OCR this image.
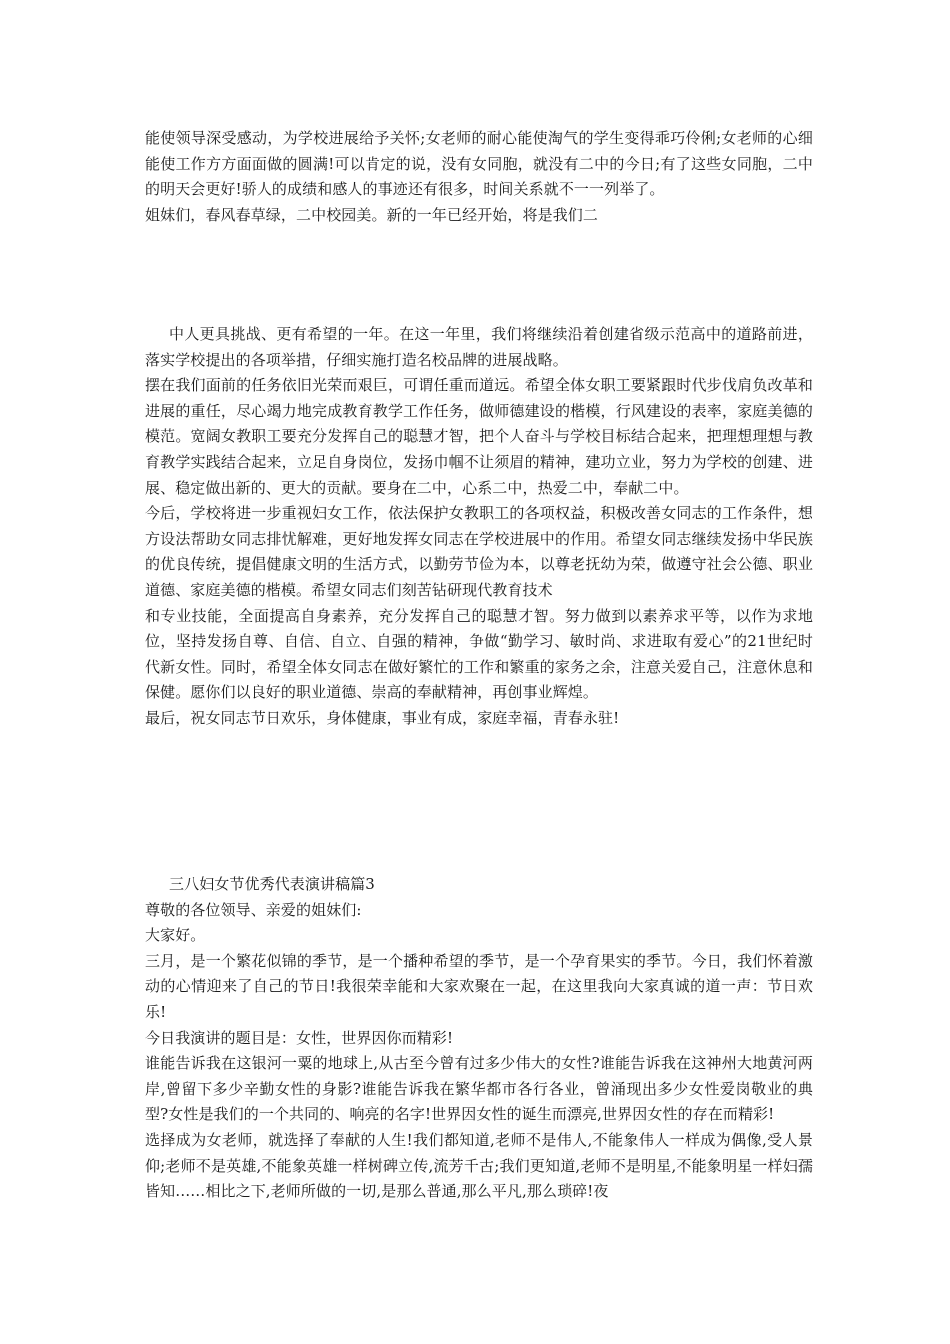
能使领导深受感动，为学校进展给予关怀;女老师的耐心能使淘气的学生变得乖巧伶俐;女老师的心细能使工作方方面面做的圆满!可以肯定的说，没有女同胞，就没有二中的今日;有了这些女同胞，二中的明天会更好!骄人的成绩和感人的事迹还有很多，时间关系就不一一列举了。

姐妹们，春风春草绿，二中校园美。新的一年已经开始，将是我们二

中人更具挑战、更有希望的一年。在这一年里，我们将继续沿着创建省级示范高中的道路前进，落实学校提出的各项举措，仔细实施打造名校品牌的进展战略。

摆在我们面前的任务依旧光荣而艰巨，可谓任重而道远。希望全体女职工要紧跟时代步伐肩负改革和进展的重任，尽心竭力地完成教育教学工作任务，做师德建设的楷模，行风建设的表率，家庭美德的模范。宽阔女教职工要充分发挥自己的聪慧才智，把个人奋斗与学校目标结合起来，把理想理想与教育教学实践结合起来，立足自身岗位，发扬巾帼不让须眉的精神，建功立业，努力为学校的创建、进展、稳定做出新的、更大的贡献。要身在二中，心系二中，热爱二中，奉献二中。

今后，学校将进一步重视妇女工作，依法保护女教职工的各项权益，积极改善女同志的工作条件，想方设法帮助女同志排忧解难，更好地发挥女同志在学校进展中的作用。希望女同志继续发扬中华民族的优良传统，提倡健康文明的生活方式，以勤劳节俭为本，以尊老抚幼为荣，做遵守社会公德、职业道德、家庭美德的楷模。希望女同志们刻苦钻研现代教育技术

和专业技能，全面提高自身素养，充分发挥自己的聪慧才智。努力做到以素养求平等，以作为求地位，坚持发扬自尊、自信、自立、自强的精神，争做“勤学习、敏时尚、求进取有爱心”的21世纪时代新女性。同时，希望全体女同志在做好繁忙的工作和繁重的家务之余，注意关爱自己，注意休息和保健。愿你们以良好的职业道德、崇高的奉献精神，再创事业辉煌。

最后，祝女同志节日欢乐，身体健康，事业有成，家庭幸福，青春永驻!

三八妇女节优秀代表演讲稿篇3

尊敬的各位领导、亲爱的姐妹们:

大家好。

三月，是一个繁花似锦的季节，是一个播种希望的季节，是一个孕育果实的季节。今日，我们怀着激动的心情迎来了自己的节日!我很荣幸能和大家欢聚在一起，在这里我向大家真诚的道一声：节日欢乐!

今日我演讲的题目是：女性，世界因你而精彩!

谁能告诉我在这银河一粟的地球上,从古至今曾有过多少伟大的女性?谁能告诉我在这神州大地黄河两岸,曾留下多少辛勤女性的身影?谁能告诉我在繁华都市各行各业，曾涌现出多少女性爱岗敬业的典型?女性是我们的一个共同的、响亮的名字!世界因女性的诞生而漂亮,世界因女性的存在而精彩!

选择成为女老师，就选择了奉献的人生!我们都知道,老师不是伟人,不能象伟人一样成为偶像,受人景仰;老师不是英雄,不能象英雄一样树碑立传,流芳千古;我们更知道,老师不是明星,不能象明星一样妇孺皆知……相比之下,老师所做的一切,是那么普通,那么平凡,那么琐碎!夜
